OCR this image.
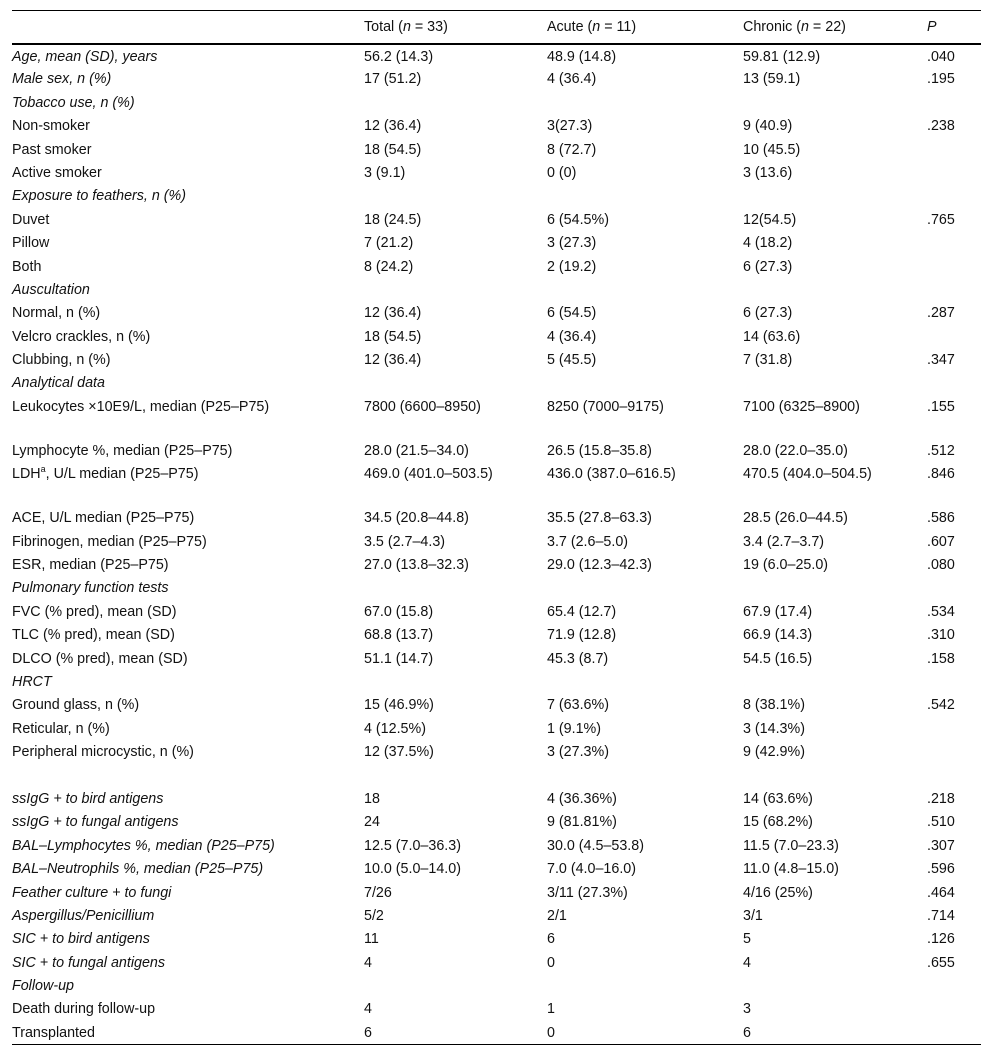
	Total (n = 33)	Acute (n = 11)	Chronic (n = 22)	P
Age, mean (SD), years	56.2 (14.3)	48.9 (14.8)	59.81 (12.9)	.040
Male sex, n (%)	17 (51.2)	4 (36.4)	13 (59.1)	.195
Tobacco use, n (%)				
Non-smoker	12 (36.4)	3(27.3)	9 (40.9)	.238
Past smoker	18 (54.5)	8 (72.7)	10 (45.5)	
Active smoker	3 (9.1)	0 (0)	3 (13.6)	
Exposure to feathers, n (%)				
Duvet	18 (24.5)	6 (54.5%)	12(54.5)	.765
Pillow	7 (21.2)	3 (27.3)	4 (18.2)	
Both	8 (24.2)	2 (19.2)	6 (27.3)	
Auscultation				
Normal, n (%)	12 (36.4)	6 (54.5)	6 (27.3)	.287
Velcro crackles, n (%)	18 (54.5)	4 (36.4)	14 (63.6)	
Clubbing, n (%)	12 (36.4)	5 (45.5)	7 (31.8)	.347
Analytical data				
Leukocytes ×10E9/L, median (P25–P75)	7800 (6600–8950)	8250 (7000–9175)	7100 (6325–8900)	.155
Lymphocyte %, median (P25–P75)	28.0 (21.5–34.0)	26.5 (15.8–35.8)	28.0 (22.0–35.0)	.512
LDH$^a$, U/L median (P25–P75)	469.0 (401.0–503.5)	436.0 (387.0–616.5)	470.5 (404.0–504.5)	.846
ACE, U/L median (P25–P75)	34.5 (20.8–44.8)	35.5 (27.8–63.3)	28.5 (26.0–44.5)	.586
Fibrinogen, median (P25–P75)	3.5 (2.7–4.3)	3.7 (2.6–5.0)	3.4 (2.7–3.7)	.607
ESR, median (P25–P75)	27.0 (13.8–32.3)	29.0 (12.3–42.3)	19 (6.0–25.0)	.080
Pulmonary function tests				
FVC (% pred), mean (SD)	67.0 (15.8)	65.4 (12.7)	67.9 (17.4)	.534
TLC (% pred), mean (SD)	68.8 (13.7)	71.9 (12.8)	66.9 (14.3)	.310
DLCO (% pred), mean (SD)	51.1 (14.7)	45.3 (8.7)	54.5 (16.5)	.158
HRCT				
Ground glass, n (%)	15 (46.9%)	7 (63.6%)	8 (38.1%)	.542
Reticular, n (%)	4 (12.5%)	1 (9.1%)	3 (14.3%)	
Peripheral microcystic, n (%)	12 (37.5%)	3 (27.3%)	9 (42.9%)	

ssIgG + to bird antigens	18	4 (36.36%)	14 (63.6%)	.218
ssIgG + to fungal antigens	24	9 (81.81%)	15 (68.2%)	.510
BAL–Lymphocytes %, median (P25–P75)	12.5 (7.0–36.3)	30.0 (4.5–53.8)	11.5 (7.0–23.3)	.307
BAL–Neutrophils %, median (P25–P75)	10.0 (5.0–14.0)	7.0 (4.0–16.0)	11.0 (4.8–15.0)	.596
Feather culture + to fungi	7/26	3/11 (27.3%)	4/16 (25%)	.464
Aspergillus/Penicillium	5/2	2/1	3/1	.714
SIC + to bird antigens	11	6	5	.126
SIC + to fungal antigens	4	0	4	.655
Follow-up				
Death during follow-up	4	1	3	
Transplanted	6	0	6	
